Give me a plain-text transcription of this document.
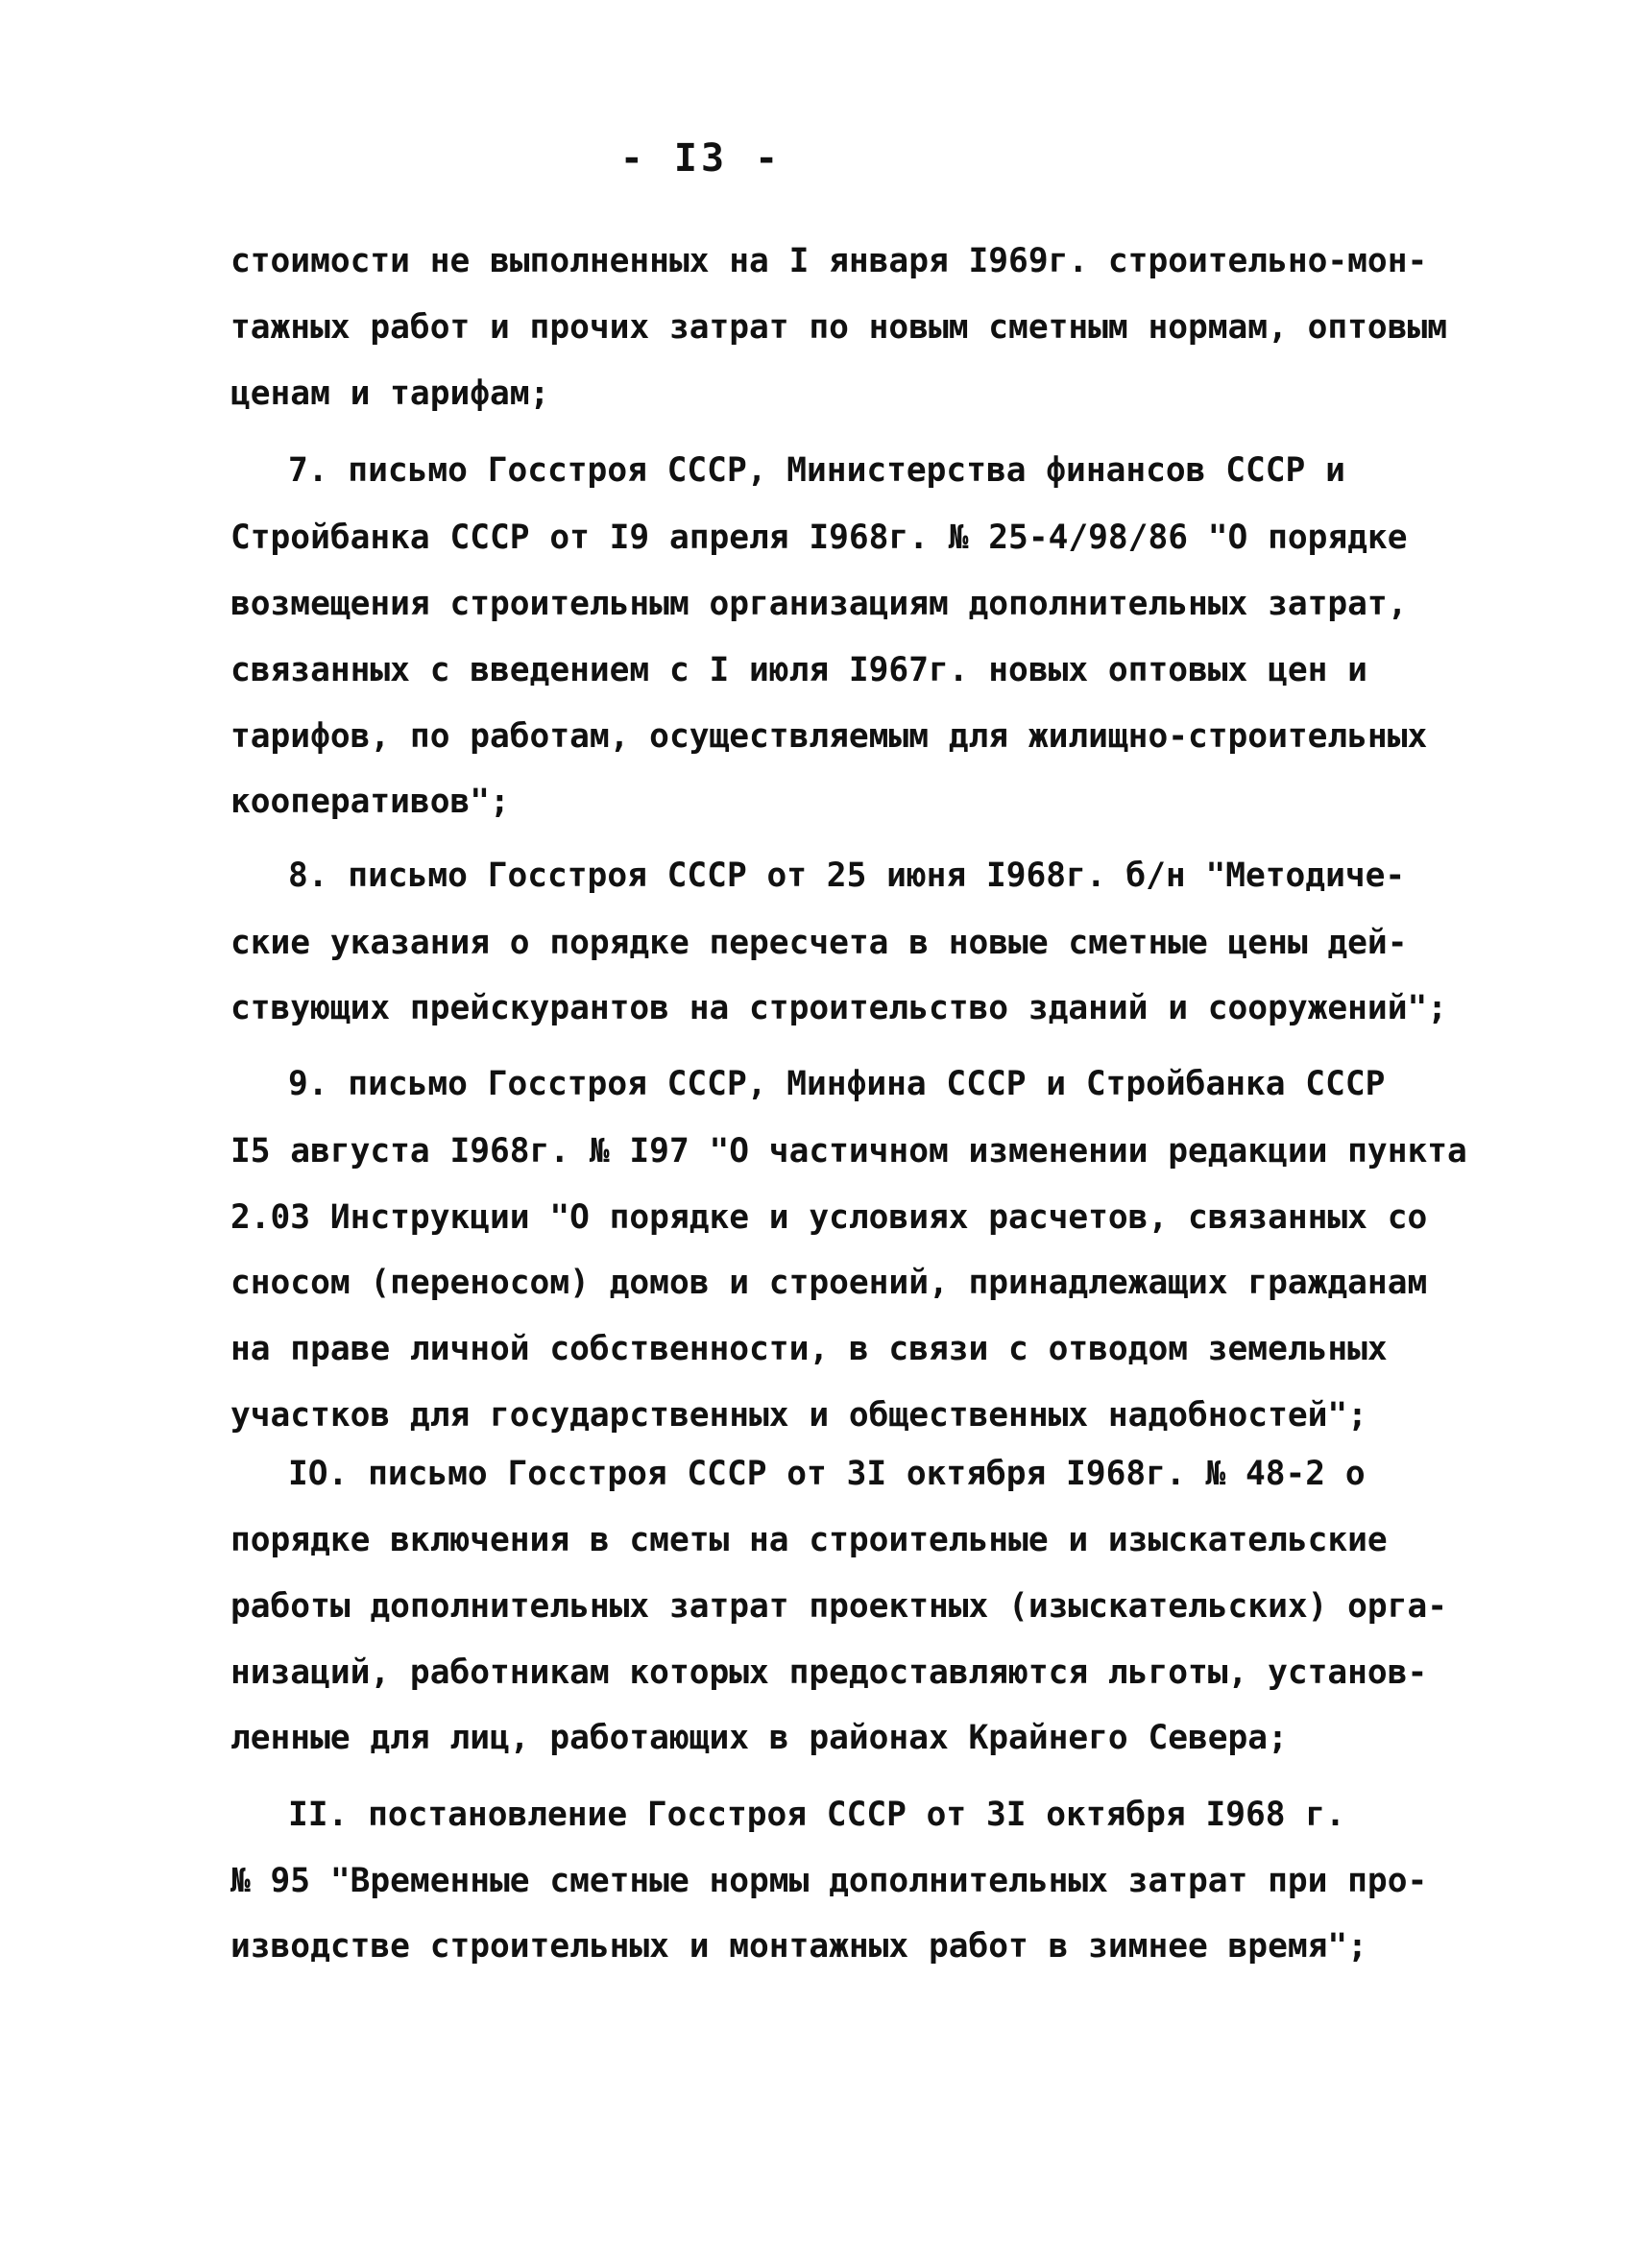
- I3 -
стоимости не выполненных на I января I969г. строительно-мон-
тажных работ и прочих затрат по новым сметным нормам, оптовым
ценам и тарифам;
7. письмо Госстроя СССР, Министерства финансов СССР и
Стройбанка СССР от I9 апреля I968г. № 25-4/98/86 "О порядке
возмещения строительным организациям дополнительных затрат,
связанных с введением с I июля I967г. новых оптовых цен и
тарифов, по работам, осуществляемым для жилищно-строительных
кооперативов";
8. письмо Госстроя СССР от 25 июня I968г. б/н "Методиче-
ские указания о порядке пересчета в новые сметные цены дей-
ствующих прейскурантов на строительство зданий и сооружений";
9. письмо Госстроя СССР, Минфина СССР и Стройбанка СССР
I5 августа I968г. № I97 "О частичном изменении редакции пункта
2.03 Инструкции "О порядке и условиях расчетов, связанных со
сносом (переносом) домов и строений, принадлежащих гражданам
на праве личной собственности, в связи с отводом земельных
участков для государственных и общественных надобностей";
IO. письмо Госстроя СССР от 3I октября I968г. № 48-2 о
порядке включения в сметы на строительные и изыскательские
работы дополнительных затрат проектных (изыскательских) орга-
низаций, работникам которых предоставляются льготы, установ-
ленные для лиц, работающих в районах Крайнего Севера;
II. постановление Госстроя СССР от 3I октября I968 г.
№ 95 "Временные сметные нормы дополнительных затрат при про-
изводстве строительных и монтажных работ в зимнее время";
